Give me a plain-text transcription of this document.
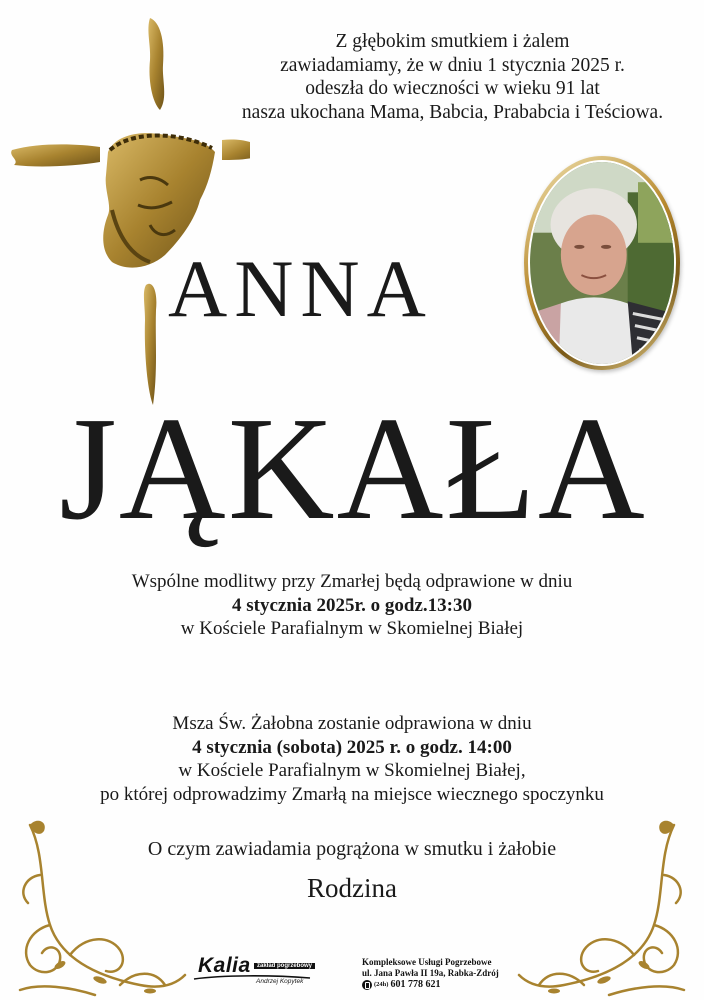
Z głębokim smutkiem i żalem
zawiadamiamy, że w dniu 1 stycznia 2025 r.
odeszła do wieczności w wieku 91 lat
nasza ukochana Mama, Babcia, Prababcia i Teściowa.
ANNA
JĄKAŁA
Wspólne modlitwy przy Zmarłej będą odprawione w dniu
4 stycznia 2025r. o godz.13:30
w Kościele Parafialnym w Skomielnej Białej
Msza Św. Żałobna zostanie odprawiona w dniu
4 stycznia (sobota) 2025 r. o godz. 14:00
w Kościele Parafialnym w Skomielnej Białej,
po której odprowadzimy Zmarłą na miejsce wiecznego spoczynku
O czym zawiadamia pogrążona w smutku i żałobie
Rodzina
Kalia	zakład pogrzebowy
Andrzej Kopytek
Kompleksowe Usługi Pogrzebowe
ul. Jana Pawła II 19a, Rabka-Zdrój
(24h) 601 778 621
